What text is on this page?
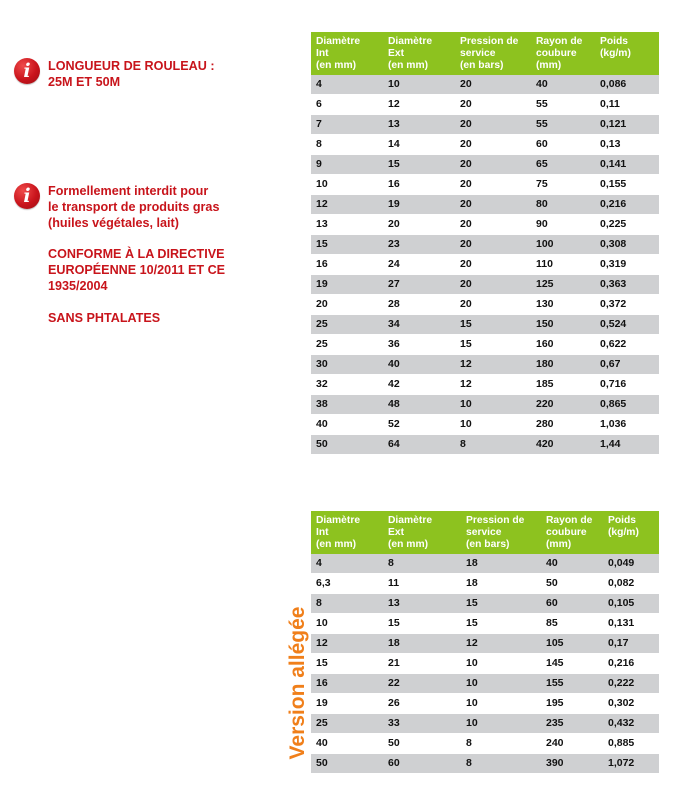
i	LONGUEUR DE ROULEAU :

25M ET 50M

i	Formellement interdit pour

le transport de produits gras

(huiles végétales, lait)

CONFORME À LA DIRECTIVE

EUROPÉENNE 10/2011 ET CE

1935/2004

SANS PHTALATES

Diamètre
Int
(en mm)	Diamètre
Ext
(en mm)	Pression de
service
(en bars)	Rayon de
coubure
(mm)	Poids
(kg/m)
4	10	20	40	0,086
6	12	20	55	0,11
7	13	20	55	0,121
8	14	20	60	0,13
9	15	20	65	0,141
10	16	20	75	0,155
12	19	20	80	0,216
13	20	20	90	0,225
15	23	20	100	0,308
16	24	20	110	0,319
19	27	20	125	0,363
20	28	20	130	0,372
25	34	15	150	0,524
25	36	15	160	0,622
30	40	12	180	0,67
32	42	12	185	0,716
38	48	10	220	0,865
40	52	10	280	1,036
50	64	8	420	1,44
Version allégée
Diamètre
Int
(en mm)	Diamètre
Ext
(en mm)	Pression de
service
(en bars)	Rayon de
coubure
(mm)	Poids
(kg/m)
4	8	18	40	0,049
6,3	11	18	50	0,082
8	13	15	60	0,105
10	15	15	85	0,131
12	18	12	105	0,17
15	21	10	145	0,216
16	22	10	155	0,222
19	26	10	195	0,302
25	33	10	235	0,432
40	50	8	240	0,885
50	60	8	390	1,072
